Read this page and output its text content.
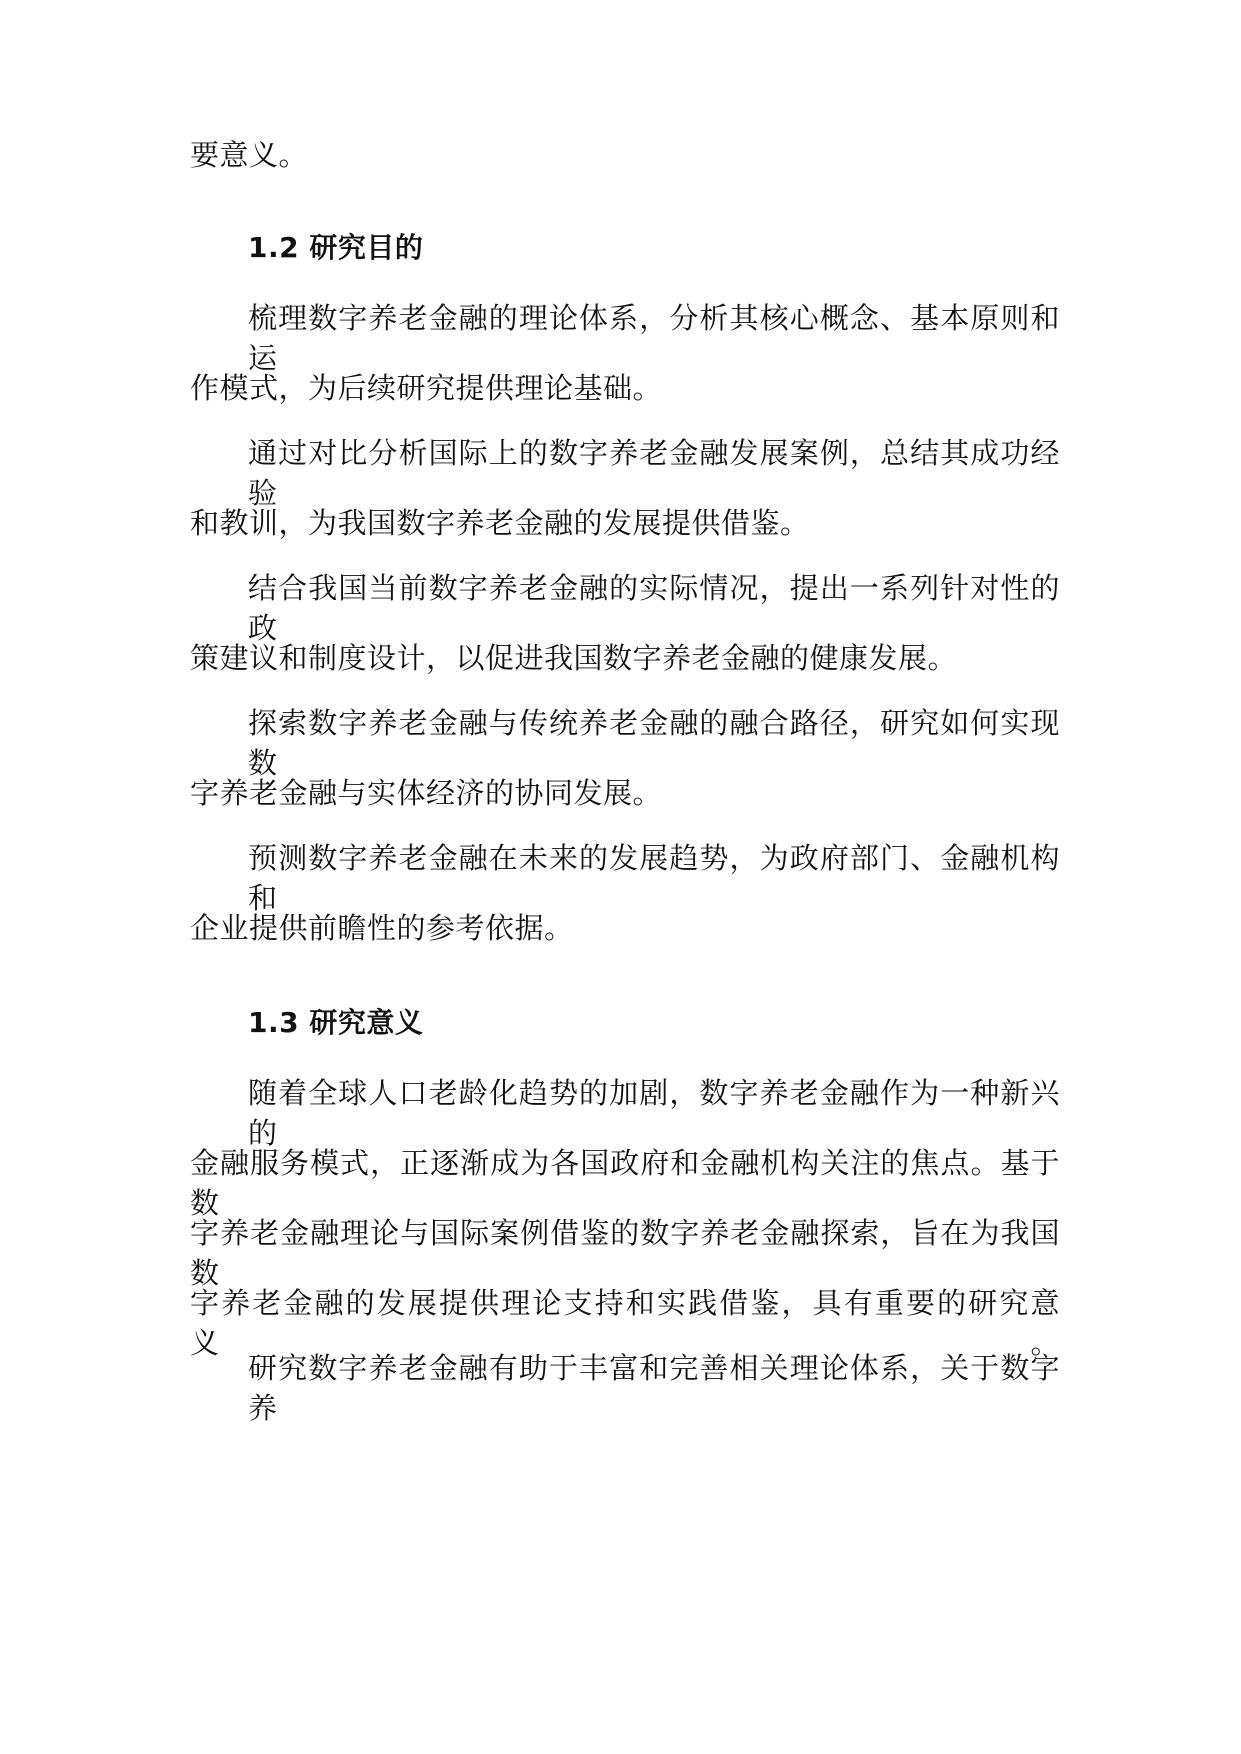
要意义。
1.2 研究目的
梳理数字养老金融的理论体系，分析其核心概念、基本原则和运
作模式，为后续研究提供理论基础。
通过对比分析国际上的数字养老金融发展案例，总结其成功经验
和教训，为我国数字养老金融的发展提供借鉴。
结合我国当前数字养老金融的实际情况，提出一系列针对性的政
策建议和制度设计，以促进我国数字养老金融的健康发展。
探索数字养老金融与传统养老金融的融合路径，研究如何实现数
字养老金融与实体经济的协同发展。
预测数字养老金融在未来的发展趋势，为政府部门、金融机构和
企业提供前瞻性的参考依据。
1.3 研究意义
随着全球人口老龄化趋势的加剧，数字养老金融作为一种新兴的
金融服务模式，正逐渐成为各国政府和金融机构关注的焦点。基于数
字养老金融理论与国际案例借鉴的数字养老金融探索，旨在为我国数
字养老金融的发展提供理论支持和实践借鉴，具有重要的研究意义。
研究数字养老金融有助于丰富和完善相关理论体系，关于数字养
